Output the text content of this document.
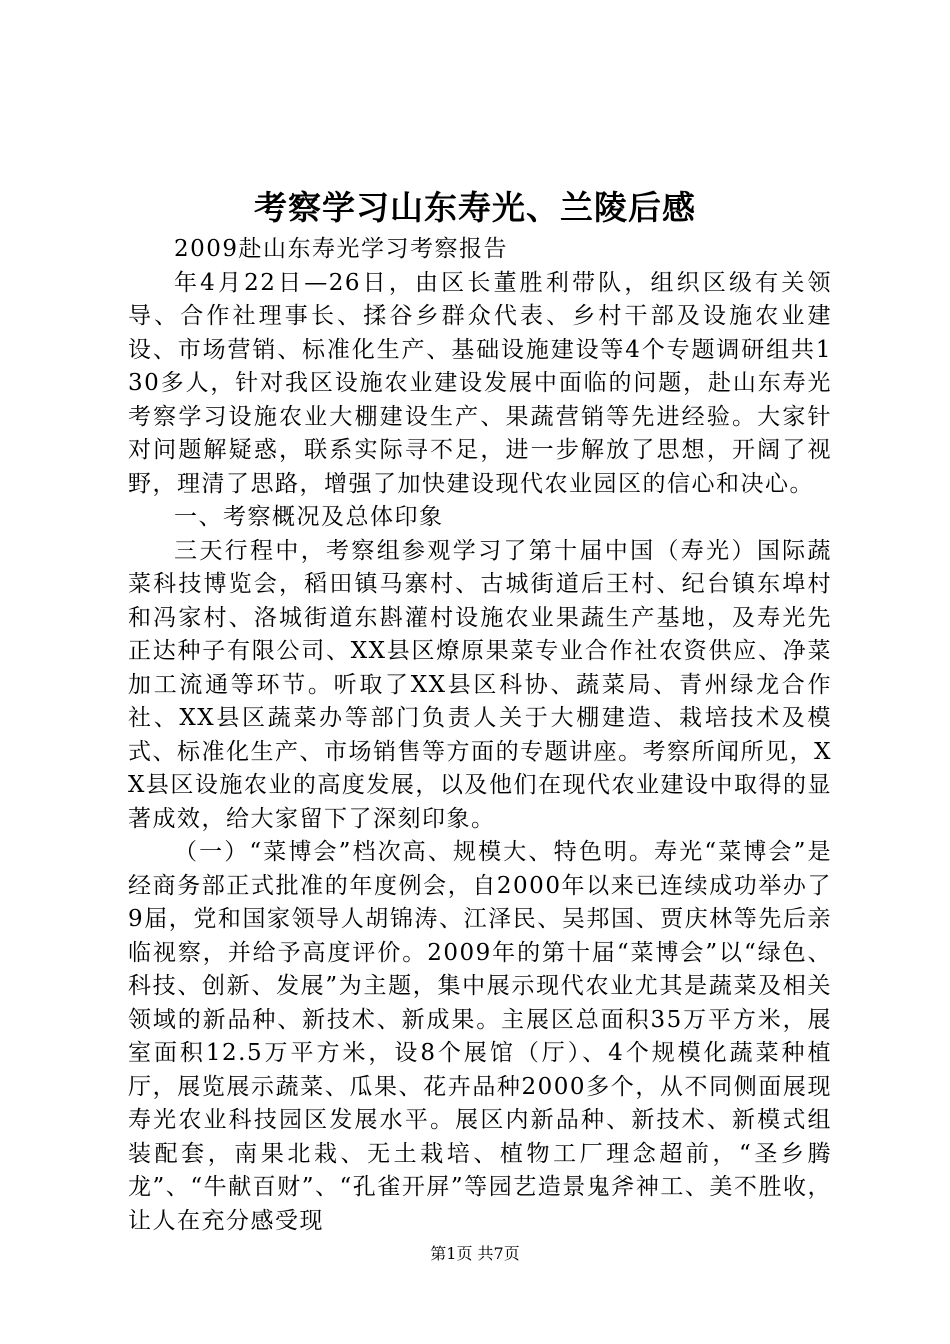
考察学习山东寿光、兰陵后感

2009赴山东寿光学习考察报告

年4月22日—26日，由区长董胜利带队，组织区级有关领导、合作社理事长、揉谷乡群众代表、乡村干部及设施农业建设、市场营销、标准化生产、基础设施建设等4个专题调研组共130多人，针对我区设施农业建设发展中面临的问题，赴山东寿光考察学习设施农业大棚建设生产、果蔬营销等先进经验。大家针对问题解疑惑，联系实际寻不足，进一步解放了思想，开阔了视野，理清了思路，增强了加快建设现代农业园区的信心和决心。

一、考察概况及总体印象

三天行程中，考察组参观学习了第十届中国（寿光）国际蔬菜科技博览会，稻田镇马寨村、古城街道后王村、纪台镇东埠村和冯家村、洛城街道东斟灌村设施农业果蔬生产基地，及寿光先正达种子有限公司、XX县区燎原果菜专业合作社农资供应、净菜加工流通等环节。听取了XX县区科协、蔬菜局、青州绿龙合作社、XX县区蔬菜办等部门负责人关于大棚建造、栽培技术及模式、标准化生产、市场销售等方面的专题讲座。考察所闻所见，XX县区设施农业的高度发展，以及他们在现代农业建设中取得的显著成效，给大家留下了深刻印象。

（一）“菜博会”档次高、规模大、特色明。寿光“菜博会”是经商务部正式批准的年度例会，自2000年以来已连续成功举办了9届，党和国家领导人胡锦涛、江泽民、吴邦国、贾庆林等先后亲临视察，并给予高度评价。2009年的第十届“菜博会”以“绿色、科技、创新、发展”为主题，集中展示现代农业尤其是蔬菜及相关领域的新品种、新技术、新成果。主展区总面积35万平方米，展室面积12.5万平方米，设8个展馆（厅）、4个规模化蔬菜种植厅，展览展示蔬菜、瓜果、花卉品种2000多个，从不同侧面展现寿光农业科技园区发展水平。展区内新品种、新技术、新模式组装配套，南果北栽、无土栽培、植物工厂理念超前，“圣乡腾龙”、“牛献百财”、“孔雀开屏”等园艺造景鬼斧神工、美不胜收，让人在充分感受现

第1页 共7页
